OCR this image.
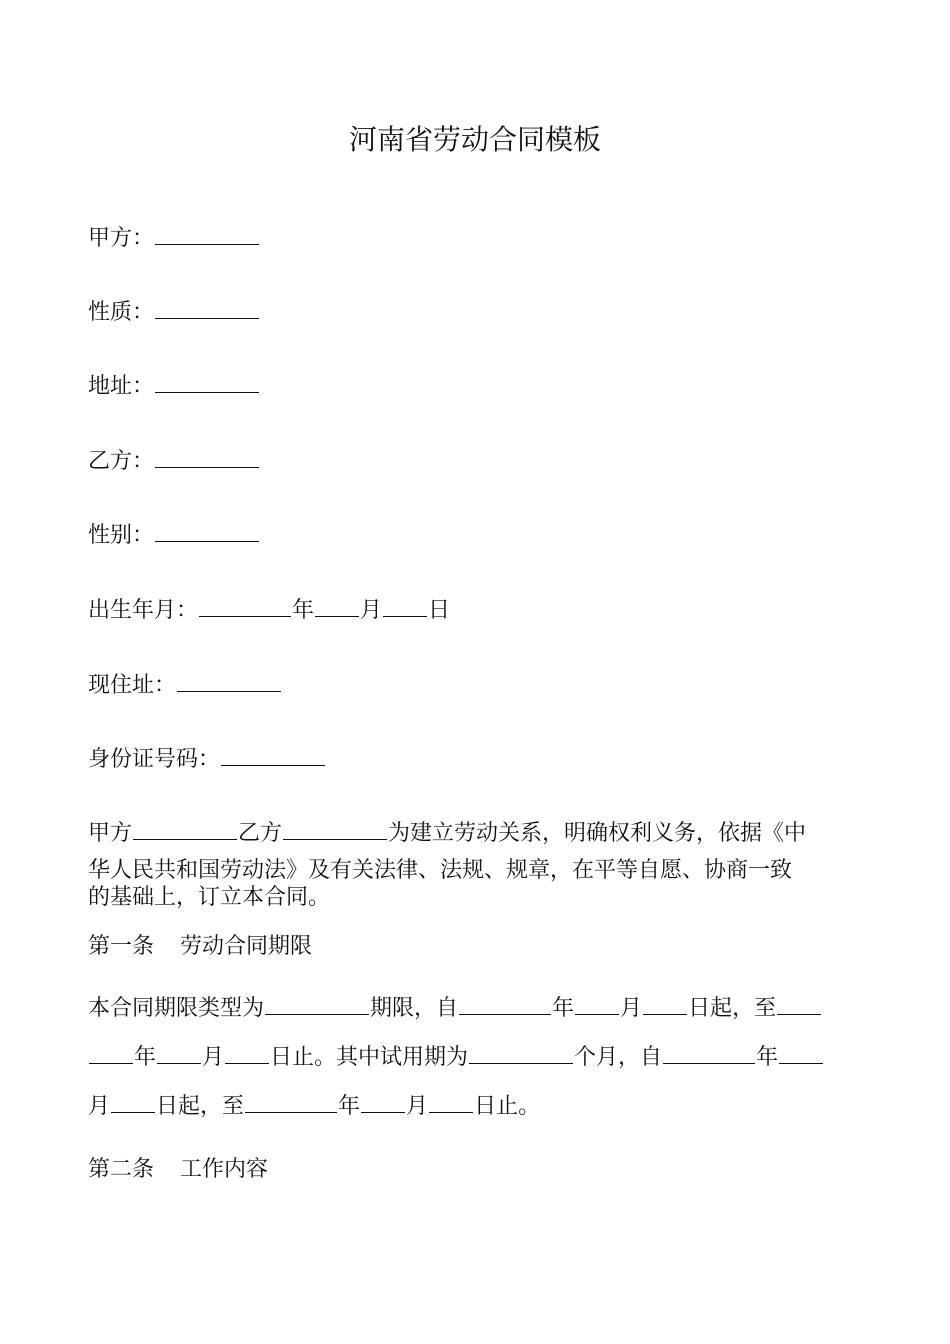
河南省劳动合同模板
甲方：
性质：
地址：
乙方：
性别：
出生年月：	年 月 日
现住址：
身份证号码：
甲方	乙方	为建立劳动关系，明确权利义务，依据《中
华人民共和国劳动法》及有关法律、法规、规章，在平等自愿、协商一致
的基础上，订立本合同。
第一条 劳动合同期限
本合同期限类型为	期限，自	年 月 日起，至
年 月 日止。其中试用期为	个月，自	年
月 日起，至	年 月 日止。
第二条 工作内容
